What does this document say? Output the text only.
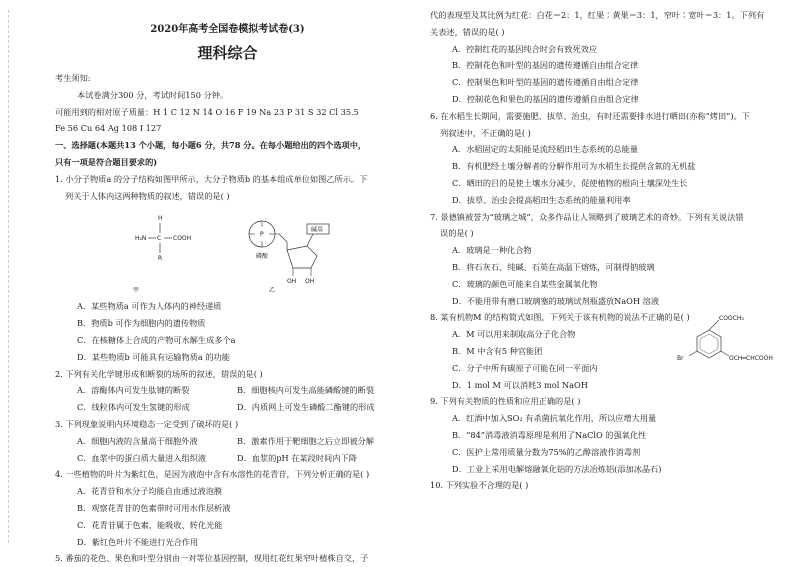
2020年高考全国卷模拟考试卷(3)
理科综合
考生须知:
本试卷满分300 分，考试时间150 分钟。
可能用到的相对原子质量：H 1 C 12 N 14 O 16 F 19 Na 23 P 31 S 32 Cl 35.5
Fe 56 Cu 64 Ag 108 I 127
一、选择题(本题共13 个小题，每小题6 分，共78 分。在每小题给出的四个选项中，
只有一项是符合题目要求的)
1. 小分子物质a 的分子结构如图甲所示，大分子物质b 的基本组成单位如图乙所示。下
列关于人体内这两种物质的叙述，错误的是( )
H
H₂N C COOH
R
甲
P
磷酸
碱基
OH OH
乙
A．某些物质a 可作为人体内的神经递质
B．物质b 可作为细胞内的遗传物质
C．在核糖体上合成的产物可水解生成多个a
D．某些物质b 可能具有运输物质a 的功能
2. 下列有关化学键形成和断裂的场所的叙述，错误的是( )
A．溶酶体内可发生肽键的断裂	B．细胞核内可发生高能磷酸键的断裂
C．线粒体内可发生氢键的形成	D．内质网上可发生磷酸二酯键的形成
3. 下列现象说明内环境稳态一定受到了破坏的是( )
A．细胞内液的含量高于细胞外液	B．激素作用于靶细胞之后立即被分解
C．血浆中的蛋白质大量进入组织液	D．血浆的pH 在某段时间内下降
4. 一些植物的叶片为紫红色，是因为液泡中含有水溶性的花青苷，下列分析正确的是( )
A．花青苷和水分子均能自由通过液泡膜
B．观察花青苷的色素带时可用水作层析液
C．花青苷属于色素，能吸收、转化光能
D．紫红色叶片不能进行光合作用
5. 番茄的花色、果色和叶型分别由一对等位基因控制，现用红花红果窄叶植株自交，子
代的表现型及其比例为红花：白花＝2：1，红果∶黄果＝3：1，窄叶∶宽叶＝3：1。下列有
关表述，错误的是( )
A．控制红花的基因纯合时会有致死效应
B．控制花色和叶型的基因的遗传遵循自由组合定律
C．控制果色和叶型的基因的遗传遵循自由组合定律
D．控制花色和果色的基因的遗传遵循自由组合定律
6. 在水稻生长期间，需要施肥、拔草、治虫，有时还需要排水进行晒田(亦称“烤田”)。下
列叙述中，不正确的是( )
A．水稻固定的太阳能是流经稻田生态系统的总能量
B．有机肥经土壤分解者的分解作用可为水稻生长提供含氮的无机盐
C．晒田的目的是使土壤水分减少，促使植物的根向土壤深处生长
D．拔草、治虫会提高稻田生态系统的能量利用率
7. 景德镇被誉为“玻璃之城”，众多作品让人领略到了玻璃艺术的奇妙。下列有关说法错
误的是( )
A．玻璃是一种化合物
B．将石灰石、纯碱、石英在高温下熔炼，可制得钠玻璃
C．玻璃的颜色可能来自某些金属氧化物
D．不能用带有磨口玻璃塞的玻璃试剂瓶盛放NaOH 溶液
8. 某有机物M 的结构简式如图，下列关于该有机物的说法不正确的是( )
A．M 可以用来制取高分子化合物
B．M 中含有5 种官能团
C．分子中所有碳原子可能在同一平面内
D．1 mol M 可以消耗3 mol NaOH
COOCH₃
Br	OCH═CHCOOH
9. 下列有关物质的性质和应用正确的是( )
A．红酒中加入SO₂ 有杀菌抗氧化作用，所以应增大用量
B．“84”消毒液消毒原理是利用了NaClO 的强氧化性
C．医护上常用质量分数为75%的乙醇溶液作消毒剂
D．工业上采用电解熔融氧化铝的方法冶炼铝(添加冰晶石)
10. 下列实验不合理的是( )
